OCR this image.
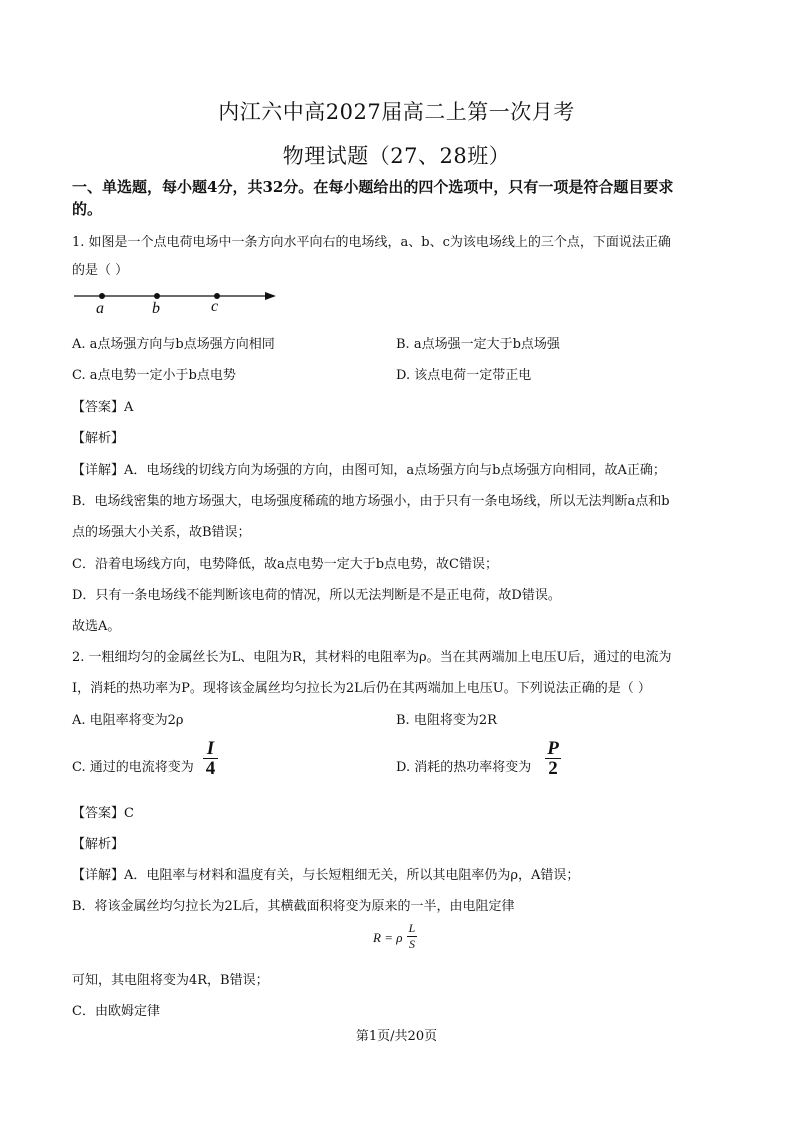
内江六中高2027届高二上第一次月考
物理试题（27、28班）
一、单选题，每小题4分，共32分。在每小题给出的四个选项中，只有一项是符合题目要求
的。
1. 如图是一个点电荷电场中一条方向水平向右的电场线，a、b、c为该电场线上的三个点，下面说法正确
的是（ ）
a	b	c
A. a点场强方向与b点场强方向相同	B. a点场强一定大于b点场强
C. a点电势一定小于b点电势	D. 该点电荷一定带正电
【答案】A
【解析】
【详解】A．电场线的切线方向为场强的方向，由图可知，a点场强方向与b点场强方向相同，故A正确；
B．电场线密集的地方场强大，电场强度稀疏的地方场强小，由于只有一条电场线，所以无法判断a点和b
点的场强大小关系，故B错误；
C．沿着电场线方向，电势降低，故a点电势一定大于b点电势，故C错误；
D．只有一条电场线不能判断该电荷的情况，所以无法判断是不是正电荷，故D错误。
故选A。
2. 一粗细均匀的金属丝长为L、电阻为R，其材料的电阻率为ρ。当在其两端加上电压U后，通过的电流为
I，消耗的热功率为P。现将该金属丝均匀拉长为2L后仍在其两端加上电压U。下列说法正确的是（ ）
A. 电阻率将变为2ρ	B. 电阻将变为2R
C. 通过的电流将变为
I
4	D. 消耗的热功率将变为
P
2
【答案】C
【解析】
【详解】A．电阻率与材料和温度有关，与长短粗细无关，所以其电阻率仍为ρ，A错误；
B．将该金属丝均匀拉长为2L后，其横截面积将变为原来的一半，由电阻定律
R = ρ
L
S
可知，其电阻将变为4R，B错误；
C．由欧姆定律
第1页/共20页
